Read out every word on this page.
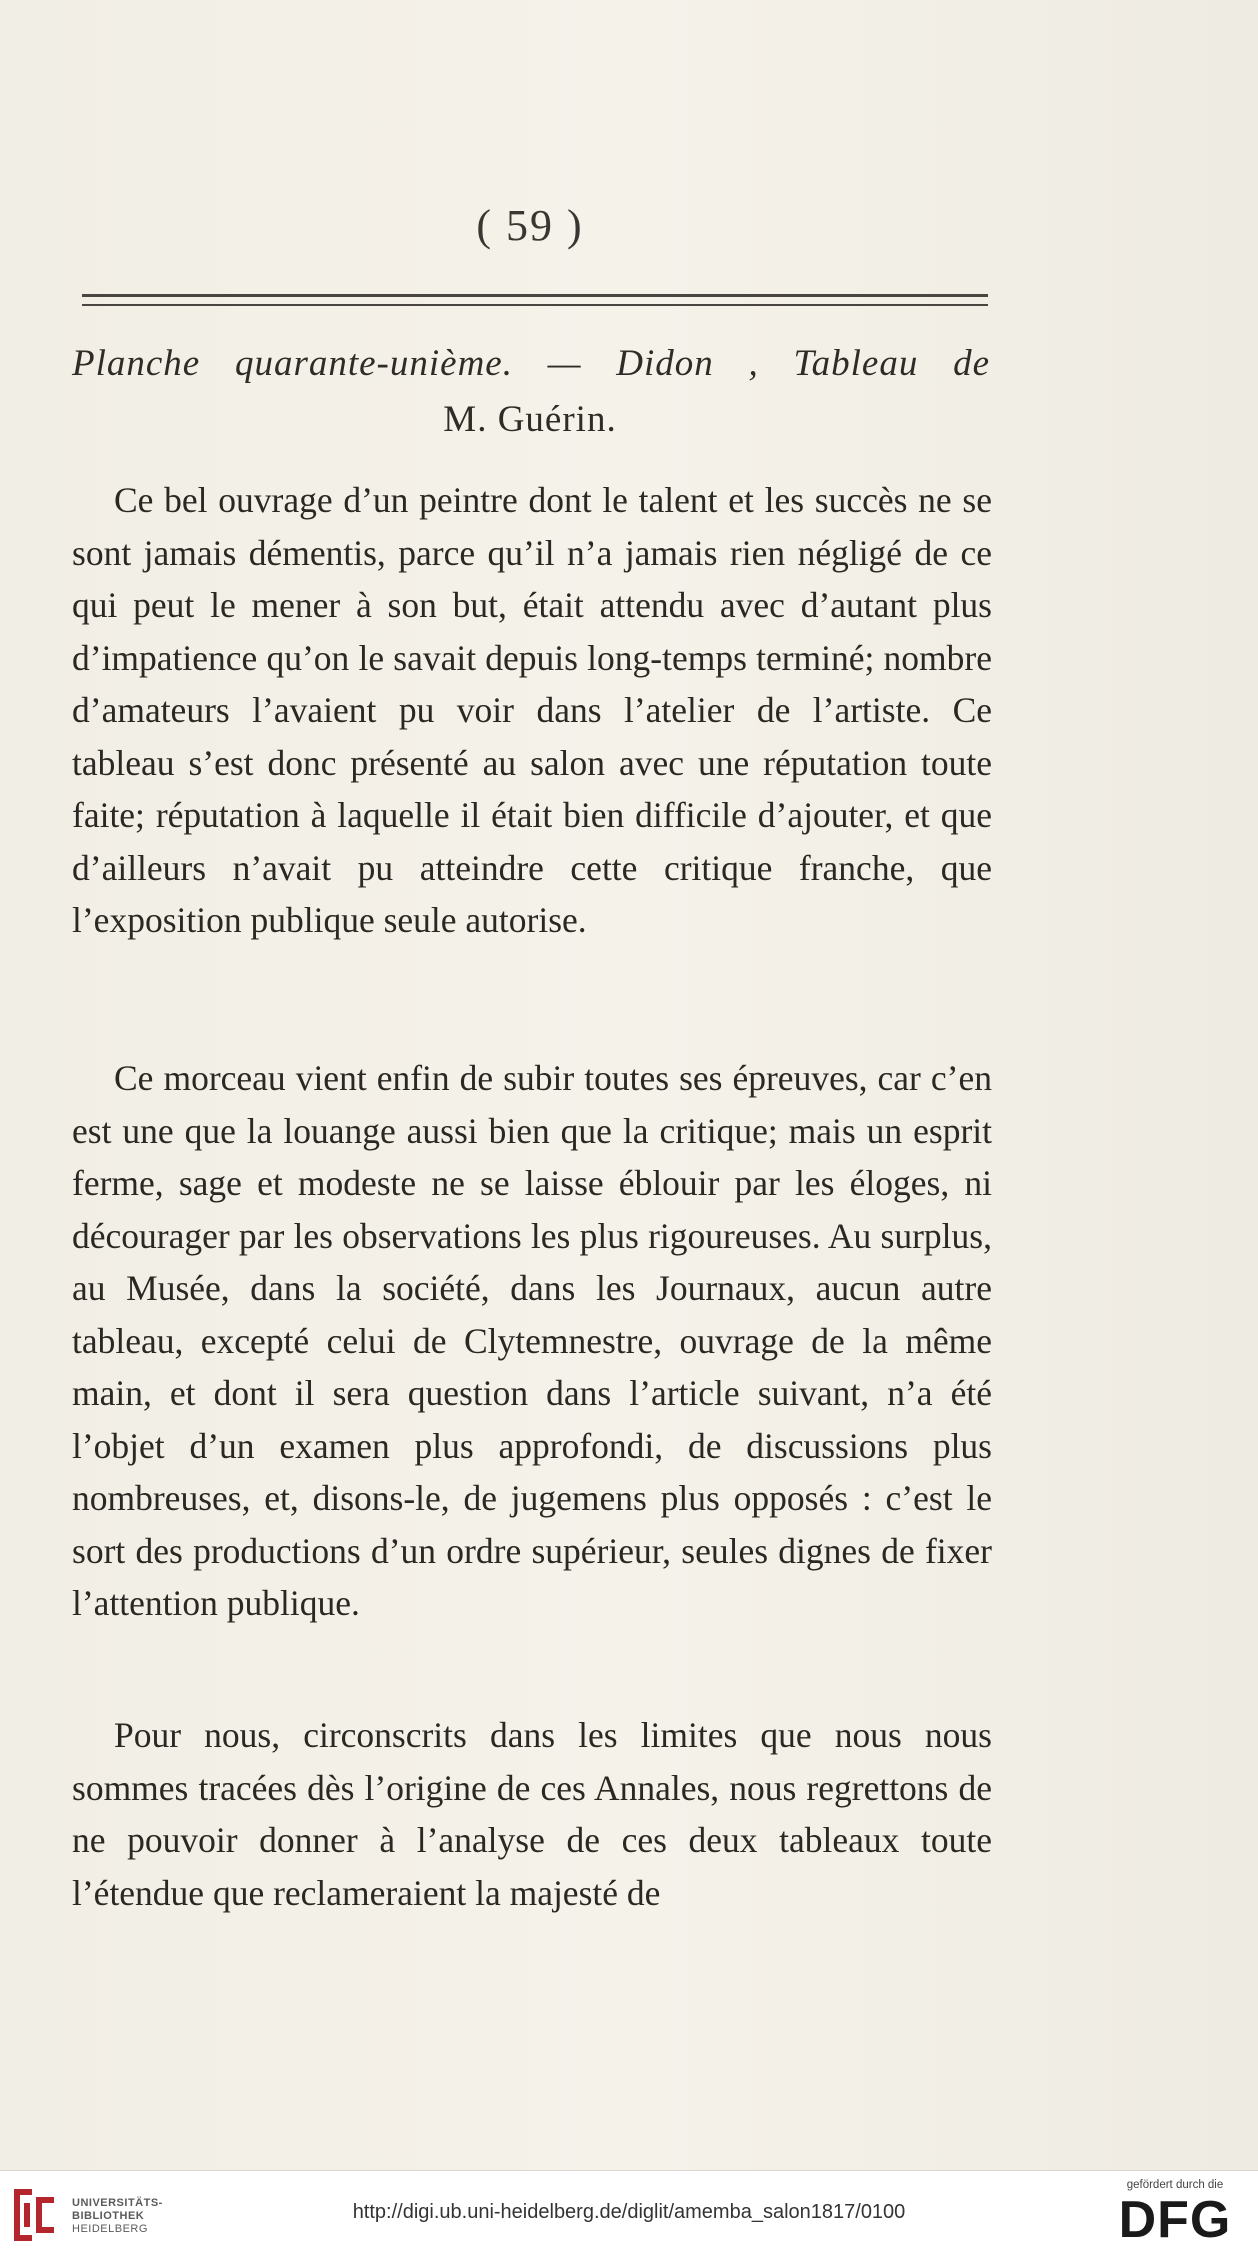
( 59 )

Planche quarante-unième. — Didon , Tableau de

M. Guérin.

Ce bel ouvrage d’un peintre dont le talent et les succès ne se sont jamais démentis, parce qu’il n’a jamais rien négligé de ce qui peut le mener à son but, était attendu avec d’autant plus d’impatience qu’on le savait depuis long-temps terminé; nombre d’amateurs l’avaient pu voir dans l’atelier de l’artiste. Ce tableau s’est donc présenté au salon avec une réputation toute faite; réputation à laquelle il était bien difficile d’ajouter, et que d’ailleurs n’avait pu atteindre cette critique franche, que l’exposition publique seule autorise.

Ce morceau vient enfin de subir toutes ses épreuves, car c’en est une que la louange aussi bien que la critique; mais un esprit ferme, sage et modeste ne se laisse éblouir par les éloges, ni décourager par les observations les plus rigoureuses. Au surplus, au Musée, dans la société, dans les Journaux, aucun autre tableau, excepté celui de Clytemnestre, ouvrage de la même main, et dont il sera question dans l’article suivant, n’a été l’objet d’un examen plus approfondi, de discussions plus nombreuses, et, disons-le, de jugemens plus opposés : c’est le sort des productions d’un ordre supérieur, seules dignes de fixer l’attention publique.

Pour nous, circonscrits dans les limites que nous nous sommes tracées dès l’origine de ces Annales, nous regrettons de ne pouvoir donner à l’analyse de ces deux tableaux toute l’étendue que reclameraient la majesté de

UNIVERSITÄTS-
BIBLIOTHEK
HEIDELBERG
http://digi.ub.uni-heidelberg.de/diglit/amemba_salon1817/0100
gefördert durch die
DFG
